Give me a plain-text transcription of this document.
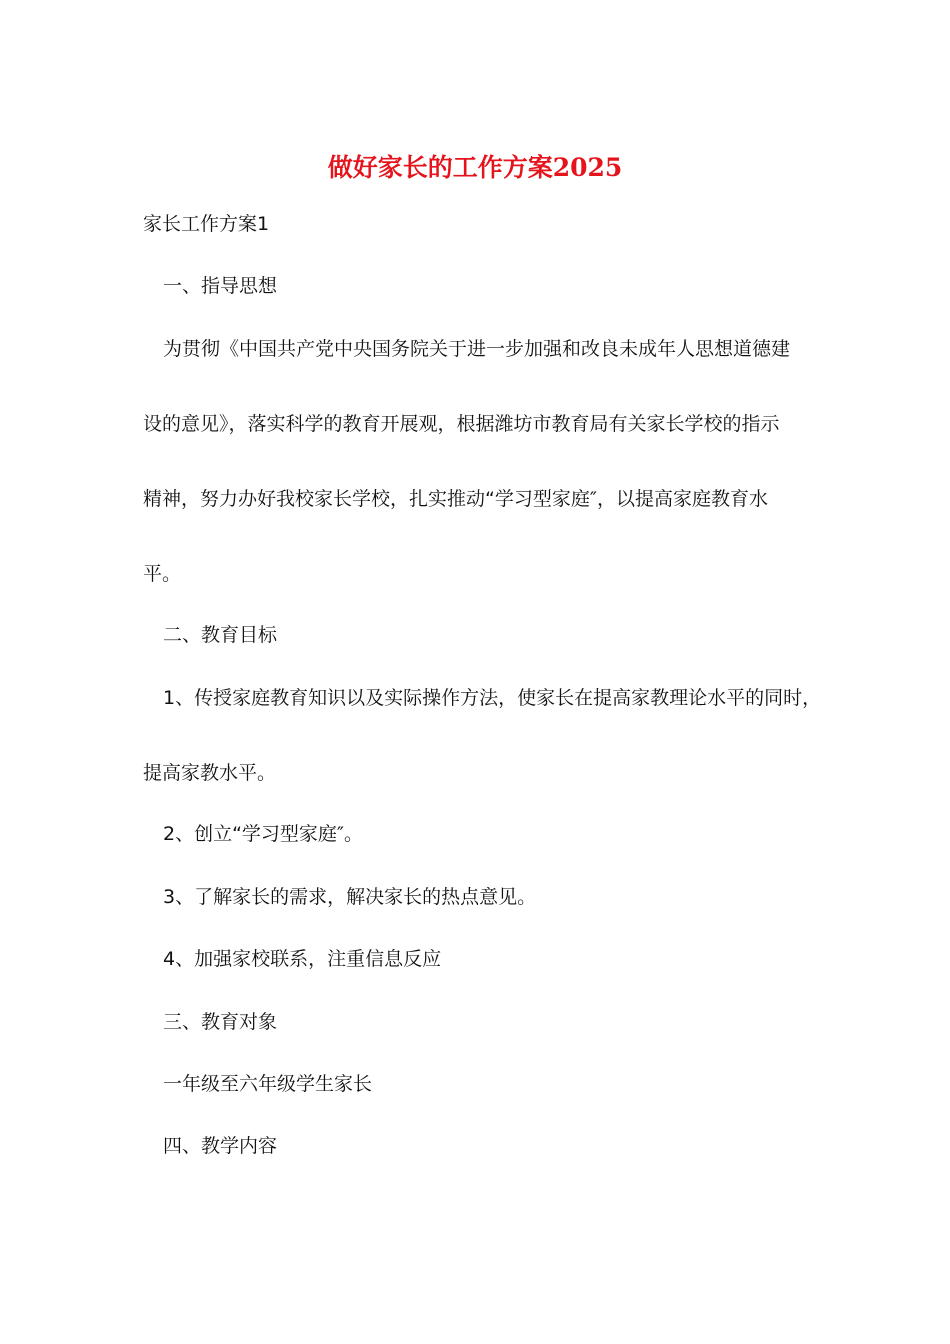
做好家长的工作方案2025
家长工作方案1
一、指导思想
为贯彻《中国共产党中央国务院关于进一步加强和改良未成年人思想道德建
设的意见》，落实科学的教育开展观，根据潍坊市教育局有关家长学校的指示
精神，努力办好我校家长学校，扎实推动“学习型家庭″，以提高家庭教育水
平。
二、教育目标
1、传授家庭教育知识以及实际操作方法，使家长在提高家教理论水平的同时，
提高家教水平。
2、创立“学习型家庭″。
3、了解家长的需求，解决家长的热点意见。
4、加强家校联系，注重信息反应
三、教育对象
一年级至六年级学生家长
四、教学内容
